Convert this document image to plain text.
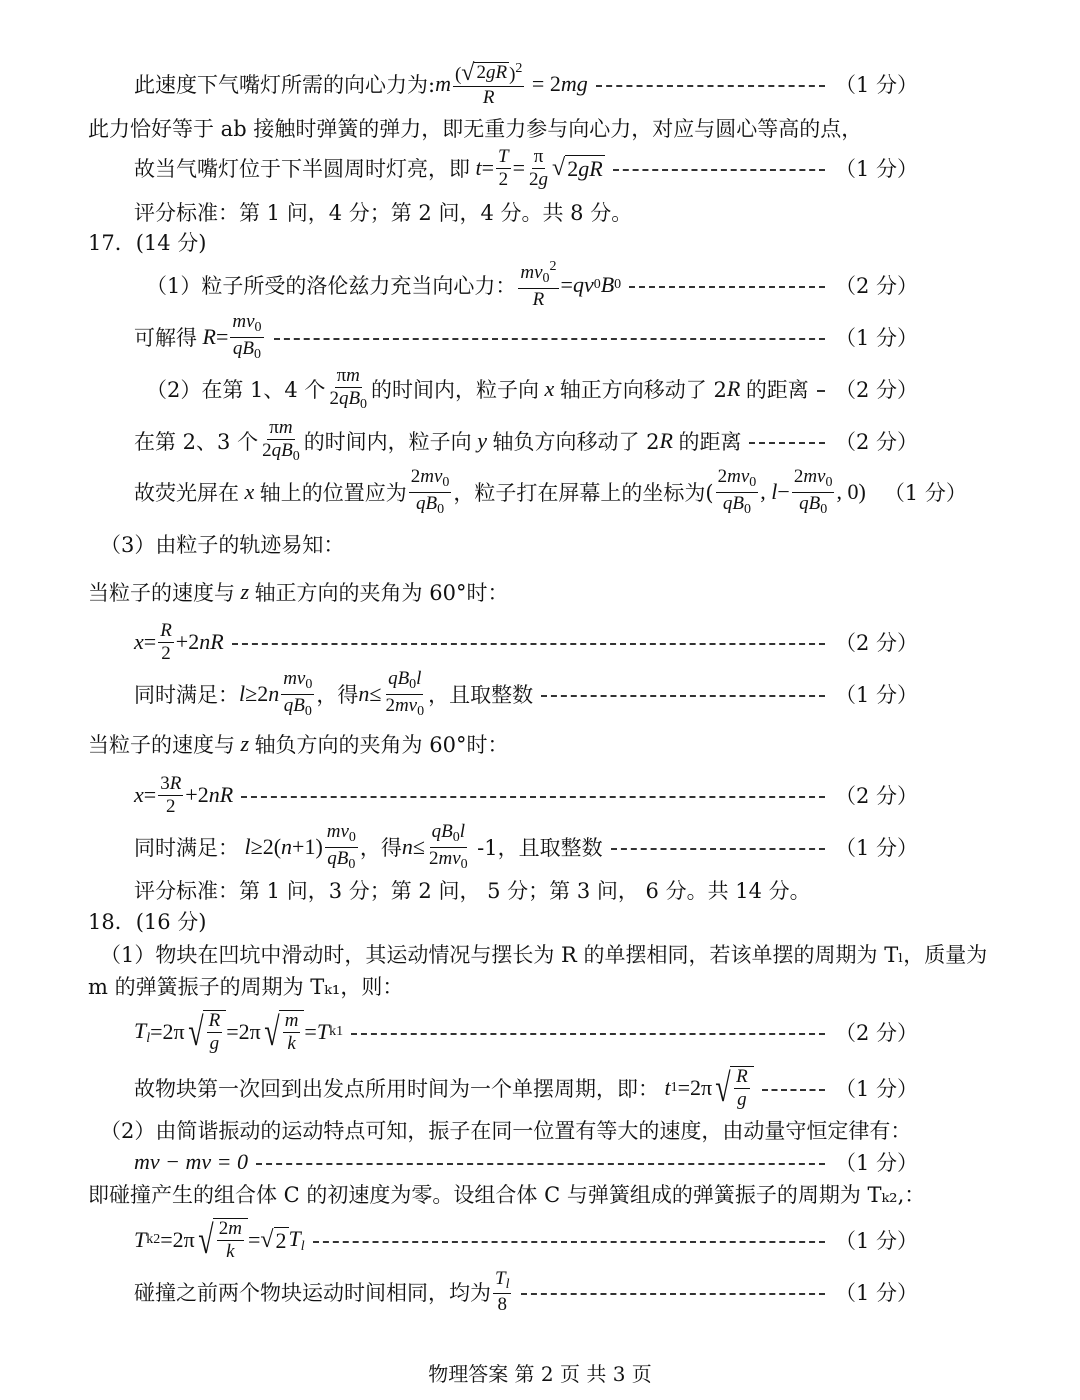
此速度下气嘴灯所需的向心力为: m $\frac{( √ 2gR )^2}{R}$
= 2 mg	（1 分）
此力恰好等于 ab 接触时弹簧的弹力，即无重力参与向心力，对应与圆心等高的点，
故当气嘴灯位于下半圆周时灯亮，即
$t = \frac{T}{2} = \frac{\pi}{2g}$ √ 2gR	（1 分）
评分标准：第 1 问，4 分；第 2 问，4 分。共 8 分。
17．(14 分)
（1）粒子所受的洛伦兹力充当向心力： $\frac{mv_0^2}{R}$ = qv 0 B 0	（2 分）
可解得
$R = \frac{mv_0}{qB_0}$	（1 分）
（2）在第 1、4 个 $\frac{\pi m}{2qB_0}$ 的时间内，粒子向 x 轴正方向移动了 2 R
的距离 （2 分）
在第 2、3 个 $\frac{\pi m}{2qB_0}$ 的时间内，粒子向 y 轴负方向移动了 2 R
的距离	（2 分）
故荧光屏在 x 轴上的位置应为 $\frac{2mv_0}{qB_0}$ ，粒子打在屏幕上的坐标为( $\frac{2mv_0}{qB_0}$ , $l - \frac{2mv_0}{qB_0}$ , 0) （1 分）
（3）由粒子的轨迹易知：
当粒子的速度与 z 轴正方向的夹角为 60°时：
$x = \frac{R}{2} +2$ nR	（2 分）
同时满足： l ≥2 n $\frac{mv_0}{qB_0}$ ，得 $n \le \frac{qB_0l}{2mv_0}$ ，且取整数	（1 分）
当粒子的速度与 z 轴负方向的夹角为 60°时：
$x = \frac{3R}{2} +2$ nR	（2 分）
同时满足：
l ≥2( $n +1) \frac{mv_0}{qB_0}$ ，得 $n \le \frac{qB_0l}{2mv_0}$
-1，且取整数	（1 分）
评分标准：第 1 问，3 分；第 2 问， 5 分；第 3 问， 6 分。共 14 分。
18．(16 分)
（1）物块在凹坑中滑动时，其运动情况与摆长为 R 的单摆相同，若该单摆的周期为 Tₗ，质量为
m 的弹簧振子的周期为 Tₖ₁，则：
$T_l =2\pi$ √ $\frac{R}{g} =2\pi$ √ $\frac{m}{k} = T$ k1	（2 分）
故物块第一次回到出发点所用时间为一个单摆周期，即：
t 1 =2π √ $\frac{R}{g}$	（1 分）
（2）由简谐振动的运动特点可知，振子在同一位置有等大的速度，由动量守恒定律有：
mv − mv = 0	（1 分）
即碰撞产生的组合体 C 的初速度为零。设组合体 C 与弹簧组成的弹簧振子的周期为 Tₖ₂,：
T k2 =2π √ $\frac{2m}{k}$ = √ 2 $T_l$	（1 分）
碰撞之前两个物块运动时间相同，均为 $\frac{T_l}{8}$	（1 分）
物理答案 第 2 页 共 3 页
